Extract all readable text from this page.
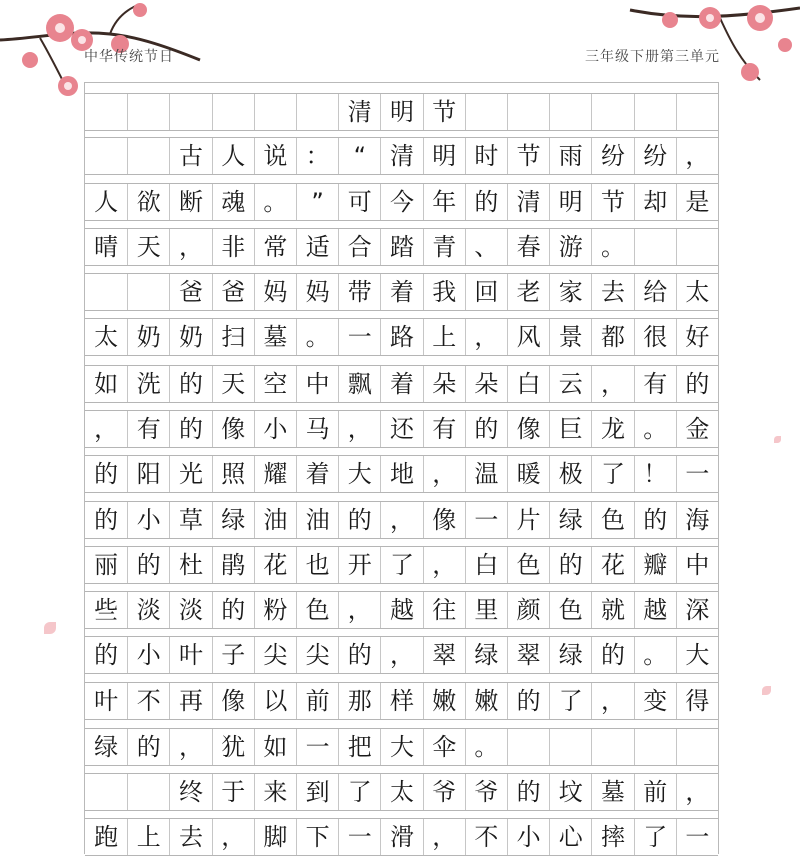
中华传统节日	三年级下册第三单元
清 明 节
古 人 说 ： “ 清 明 时 节 雨 纷 纷 ，
人 欲 断 魂 。 ” 可 今 年 的 清 明 节 却 是
晴 天 ， 非 常 适 合 踏 青 、 春 游 。
爸 爸 妈 妈 带 着 我 回 老 家 去 给 太
太 奶 奶 扫 墓 。 一 路 上 ， 风 景 都 很 好
如 洗 的 天 空 中 飘 着 朵 朵 白 云 ， 有 的
， 有 的 像 小 马 ， 还 有 的 像 巨 龙 。 金
的 阳 光 照 耀 着 大 地 ， 温 暖 极 了 ！ 一
的 小 草 绿 油 油 的 ， 像 一 片 绿 色 的 海
丽 的 杜 鹃 花 也 开 了 ， 白 色 的 花 瓣 中
些 淡 淡 的 粉 色 ， 越 往 里 颜 色 就 越 深
的 小 叶 子 尖 尖 的 ， 翠 绿 翠 绿 的 。 大
叶 不 再 像 以 前 那 样 嫩 嫩 的 了 ， 变 得
绿 的 ， 犹 如 一 把 大 伞 。
终 于 来 到 了 太 爷 爷 的 坟 墓 前 ，
跑 上 去 ， 脚 下 一 滑 ， 不 小 心 摔 了 一
